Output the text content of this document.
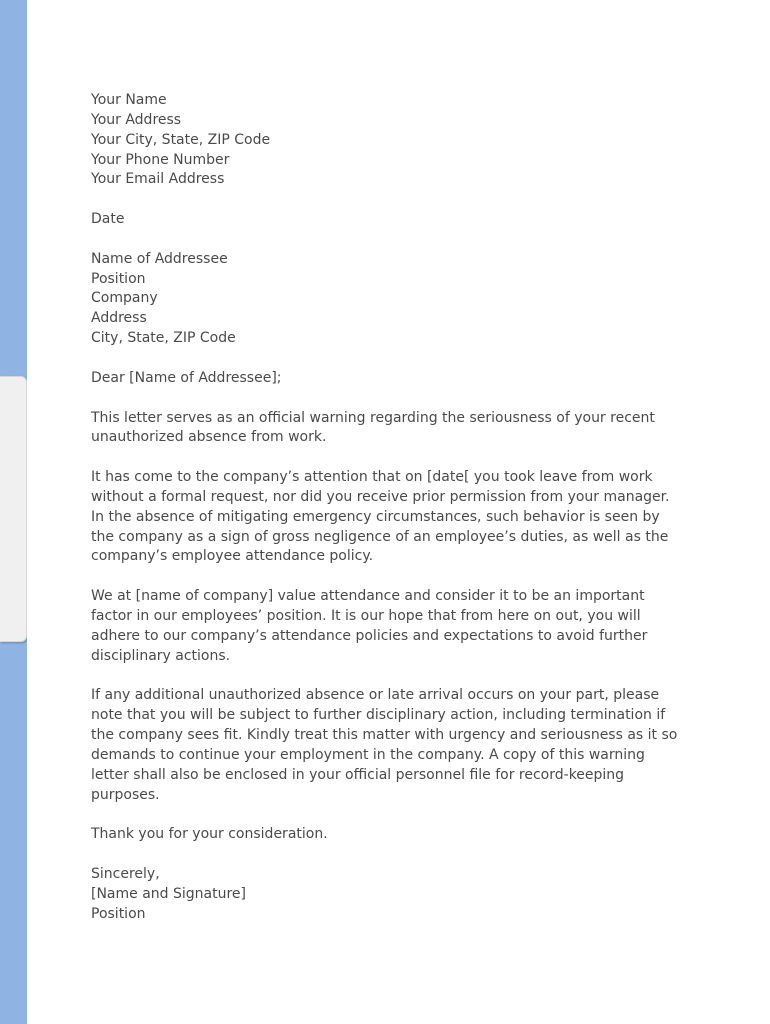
Your Name
Your Address
Your City, State, ZIP Code
Your Phone Number
Your Email Address
Date
Name of Addressee
Position
Company
Address
City, State, ZIP Code
Dear [Name of Addressee];
This letter serves as an official warning regarding the seriousness of your recent
unauthorized absence from work.
It has come to the company’s attention that on [date[ you took leave from work
without a formal request, nor did you receive prior permission from your manager.
In the absence of mitigating emergency circumstances, such behavior is seen by
the company as a sign of gross negligence of an employee’s duties, as well as the
company’s employee attendance policy.
We at [name of company] value attendance and consider it to be an important
factor in our employees’ position. It is our hope that from here on out, you will
adhere to our company’s attendance policies and expectations to avoid further
disciplinary actions.
If any additional unauthorized absence or late arrival occurs on your part, please
note that you will be subject to further disciplinary action, including termination if
the company sees fit. Kindly treat this matter with urgency and seriousness as it so
demands to continue your employment in the company. A copy of this warning
letter shall also be enclosed in your official personnel file for record-keeping
purposes.
Thank you for your consideration.
Sincerely,
[Name and Signature]
Position
